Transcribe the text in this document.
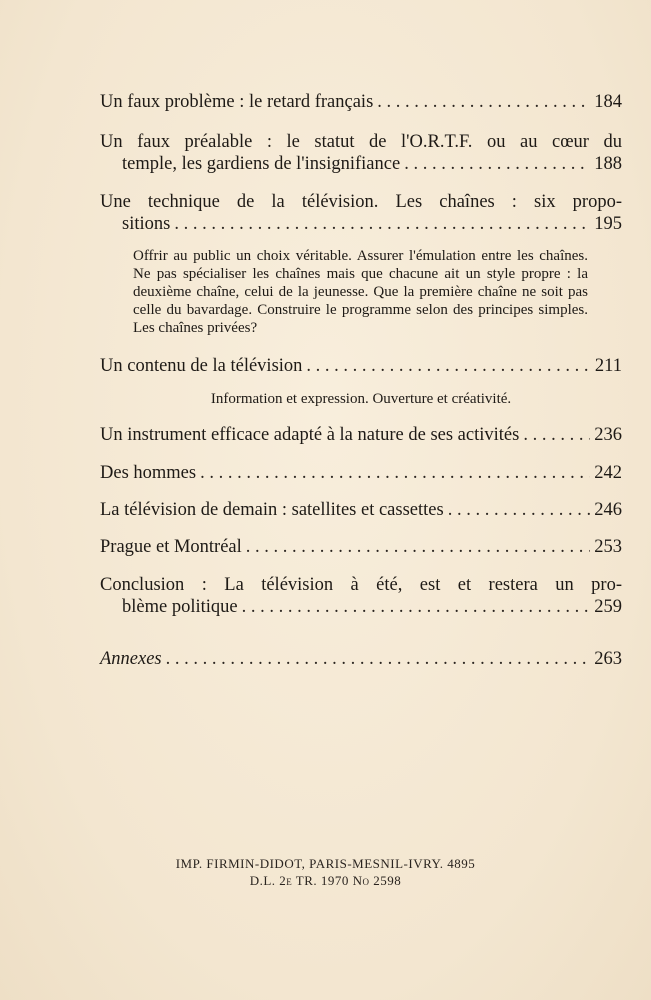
Un faux problème : le retard français . . .	184
Un faux préalable : le statut de l'O.R.T.F. ou au cœur du
temple, les gardiens de l'insignifiance . . .	188
Une technique de la télévision. Les chaînes : six propo-
sitions . . .	195
Offrir au public un choix véritable. Assurer l'émulation entre les chaînes. Ne pas spécialiser les chaînes mais que chacune ait un style propre : la deuxième chaîne, celui de la jeunesse. Que la première chaîne ne soit pas celle du bavardage. Construire le programme selon des principes simples. Les chaînes privées?
Un contenu de la télévision . . .	211
Information et expression. Ouverture et créativité.
Un instrument efficace adapté à la nature de ses activités . . .	236
Des hommes . . .	242
La télévision de demain : satellites et cassettes . . .	246
Prague et Montréal . . .	253
Conclusion : La télévision à été, est et restera un pro-
blème politique . . .	259
Annexes . . .	263
IMP. FIRMIN-DIDOT, PARIS-MESNIL-IVRY. 4895
D.L. 2e TR. 1970 No 2598
